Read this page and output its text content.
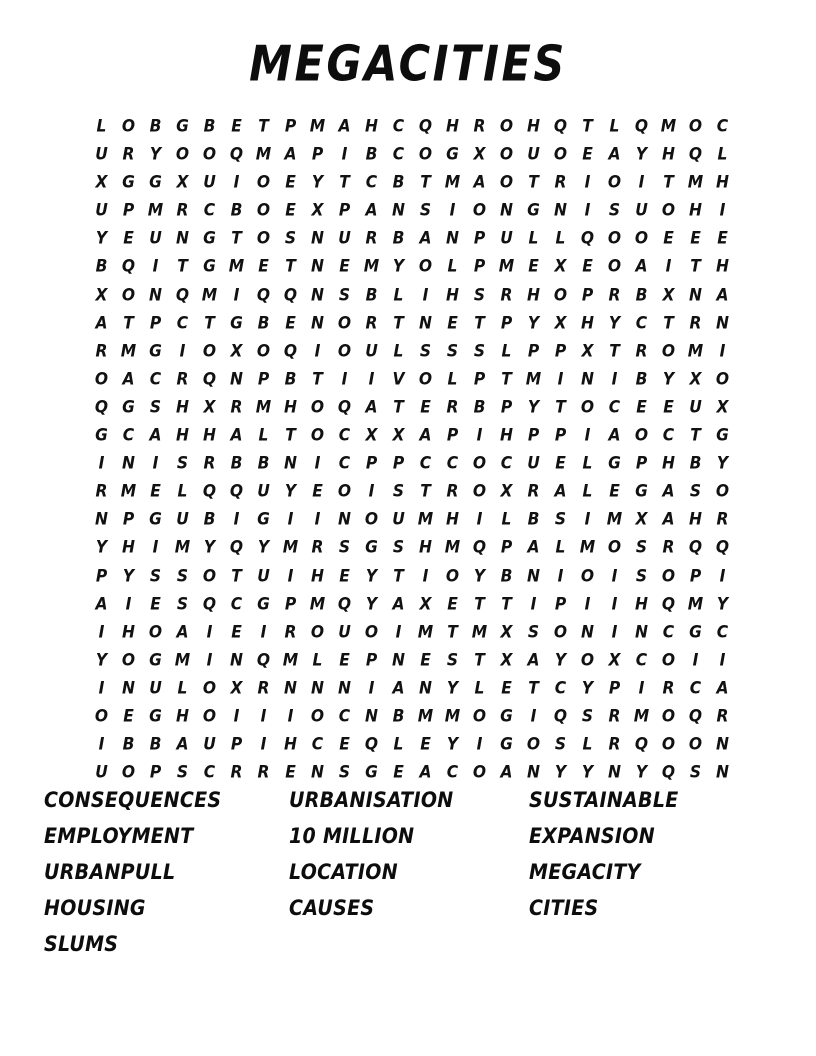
MEGACITIES
L O B G B	E	T	P M A H C Q H R O H Q T	L Q M O C
U R Y O O Q M A P	I	B C O G X O U O E	A Y H Q L
X G G X U	I	O E	Y	T	C B	T M A O T	R	I	O	I	T M H
U P M R C B O E	X P A N S	I	O N G N	I	S U O H	I
Y	E U N G T O S N U R B A N P U	L	L Q O O E	E	E
B Q	I	T G M E	T N E M Y O L	P M E	X	E O A	I	T H
X O N Q M	I	Q Q N S	B	L	I	H S R H O P R B X N A
A	T	P	C	T G B	E N O R	T N E	T	P	Y X H Y	C	T	R N
R M G	I	O X O Q	I	O U	L	S	S	S	L	P	P X	T	R O M	I
O A C R Q N P B	T	I	I	V O L	P	T M	I	N	I	B Y X O
Q G S H X R M H O Q A	T	E	R B P	Y	T O C	E	E U X
G C A H H A	L	T O C X X A P	I	H P	P	I	A O C	T G
I	N	I	S R B B N	I	C	P	P	C	C O C U E	L	G P H B Y
R M E	L Q Q U Y	E O	I	S	T	R O X R A	L	E G A S O
N P G U B	I	G	I	I	N O U M H	I	L	B	S	I	M X A H R
Y H	I	M Y Q Y M R S G S H M Q P A	L M O S R Q Q
P	Y	S	S O T U	I	H E	Y	T	I	O Y B N	I	O	I	S O P	I
A	I	E	S Q C G P M Q Y A X	E	T	T	I	P	I	I	H Q M Y
I	H O A	I	E	I	R O U O	I	M T M X S O N	I	N C G C
Y O G M	I	N Q M L	E	P N E	S	T	X A Y O X C O	I	I
I	N U	L O X R N N N	I	A N Y	L	E	T	C	Y	P	I	R C A
O E G H O	I	I	I	O C N B M M O G	I	Q S R M O Q R
I	B B A U P	I	H C	E Q L	E	Y	I	G O S	L	R Q O O N
U O P	S	C R R	E N S G E	A C O A N Y	Y N Y Q S N
CONSEQUENCES
EMPLOYMENT
URBANPULL
HOUSING
SLUMS
URBANISATION
10 MILLION
LOCATION
CAUSES
SUSTAINABLE
EXPANSION
MEGACITY
CITIES
